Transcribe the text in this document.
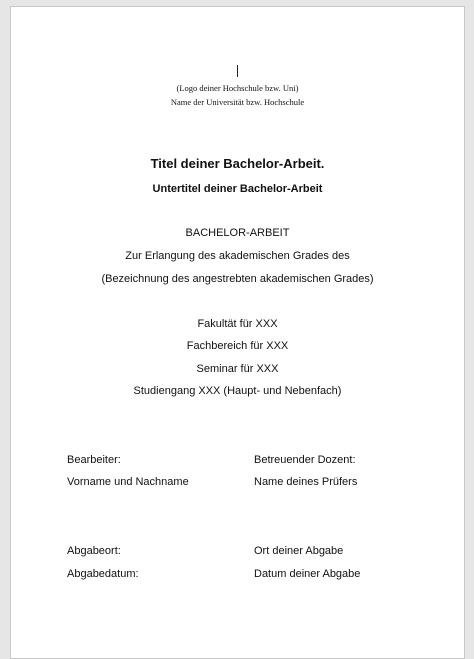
(Logo deiner Hochschule bzw. Uni)
Name der Universität bzw. Hochschule
Titel deiner Bachelor-Arbeit.
Untertitel deiner Bachelor-Arbeit
BACHELOR-ARBEIT
Zur Erlangung des akademischen Grades des
(Bezeichnung des angestrebten akademischen Grades)
Fakultät für XXX
Fachbereich für XXX
Seminar für XXX
Studiengang XXX (Haupt- und Nebenfach)
Bearbeiter:	Betreuender Dozent:
Vorname und Nachname	Name deines Prüfers
Abgabeort:	Ort deiner Abgabe
Abgabedatum:	Datum deiner Abgabe
